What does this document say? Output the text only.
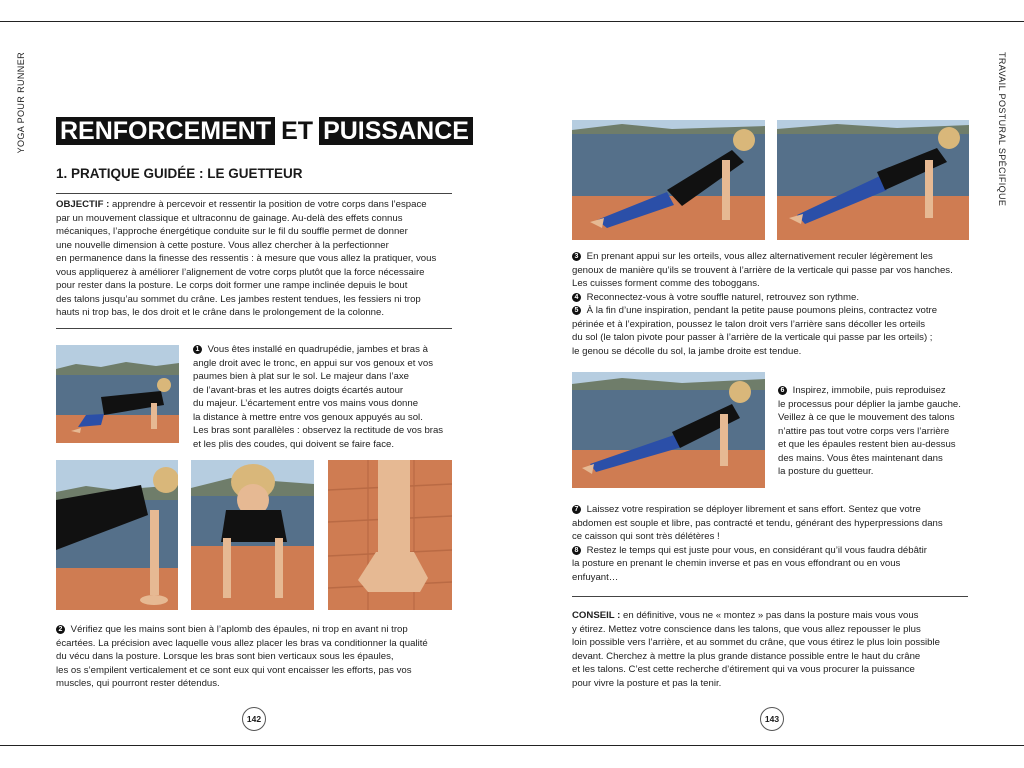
YOGA POUR RUNNER	TRAVAIL POSTURAL SPÉCIFIQUE
RENFORCEMENT ET PUISSANCE
1. PRATIQUE GUIDÉE : LE GUETTEUR

OBJECTIF : apprendre à percevoir et ressentir la position de votre corps dans l’espace

par un mouvement classique et ultraconnu de gainage. Au-delà des effets connus

mécaniques, l’approche énergétique conduite sur le fil du souffle permet de donner

une nouvelle dimension à cette posture. Vous allez chercher à la perfectionner

en permanence dans la finesse des ressentis : à mesure que vous allez la pratiquer, vous

vous appliquerez à améliorer l’alignement de votre corps plutôt que la force nécessaire

pour rester dans la posture. Le corps doit former une rampe inclinée depuis le bout

des talons jusqu’au sommet du crâne. Les jambes restent tendues, les fessiers ni trop

hauts ni trop bas, le dos droit et le crâne dans le prolongement de la colonne.

1 Vous êtes installé en quadrupédie, jambes et bras à

angle droit avec le tronc, en appui sur vos genoux et vos

paumes bien à plat sur le sol. Le majeur dans l’axe

de l’avant-bras et les autres doigts écartés autour

du majeur. L’écartement entre vos mains vous donne

la distance à mettre entre vos genoux appuyés au sol.

Les bras sont parallèles : observez la rectitude de vos bras

et les plis des coudes, qui doivent se faire face.

2 Vérifiez que les mains sont bien à l’aplomb des épaules, ni trop en avant ni trop

écartées. La précision avec laquelle vous allez placer les bras va conditionner la qualité

du vécu dans la posture. Lorsque les bras sont bien verticaux sous les épaules,

les os s’empilent verticalement et ce sont eux qui vont encaisser les efforts, pas vos

muscles, qui pourront rester détendus.

142

3 En prenant appui sur les orteils, vous allez alternativement reculer légèrement les

genoux de manière qu’ils se trouvent à l’arrière de la verticale qui passe par vos hanches.

Les cuisses forment comme des toboggans.

4 Reconnectez-vous à votre souffle naturel, retrouvez son rythme.

5 À la fin d’une inspiration, pendant la petite pause poumons pleins, contractez votre

périnée et à l’expiration, poussez le talon droit vers l’arrière sans décoller les orteils

du sol (le talon pivote pour passer à l’arrière de la verticale qui passe par les orteils) ;

le genou se décolle du sol, la jambe droite est tendue.

6 Inspirez, immobile, puis reproduisez

le processus pour déplier la jambe gauche.

Veillez à ce que le mouvement des talons

n’attire pas tout votre corps vers l’arrière

et que les épaules restent bien au-dessus

des mains. Vous êtes maintenant dans

la posture du guetteur.

7 Laissez votre respiration se déployer librement et sans effort. Sentez que votre

abdomen est souple et libre, pas contracté et tendu, générant des hyperpressions dans

ce caisson qui sont très délétères !

8 Restez le temps qui est juste pour vous, en considérant qu’il vous faudra débâtir

la posture en prenant le chemin inverse et pas en vous effondrant ou en vous

enfuyant…

CONSEIL : en définitive, vous ne « montez » pas dans la posture mais vous vous

y étirez. Mettez votre conscience dans les talons, que vous allez repousser le plus

loin possible vers l’arrière, et au sommet du crâne, que vous étirez le plus loin possible

devant. Cherchez à mettre la plus grande distance possible entre le haut du crâne

et les talons. C’est cette recherche d’étirement qui va vous procurer la puissance

pour vivre la posture et pas la tenir.

143
